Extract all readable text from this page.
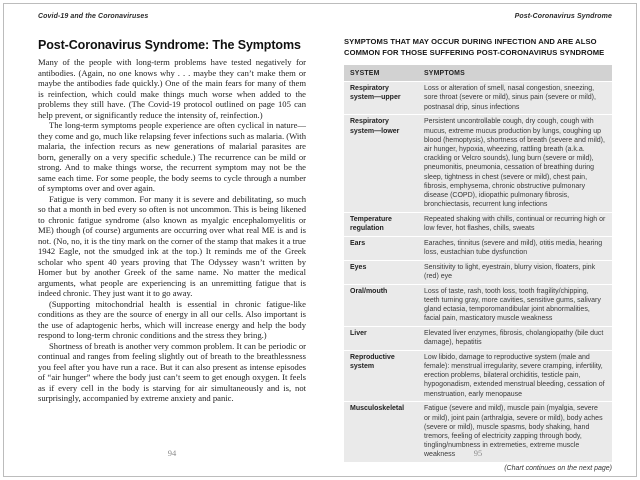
Covid-19 and the Coronaviruses
Post-Coronavirus Syndrome: The Symptoms

Many of the people with long-term problems have tested negatively for antibodies. (Again, no one knows why . . . maybe they can’t make them or maybe the antibodies fade quickly.) One of the main fears for many of them is reinfection, which could make things much worse when added to the problems they still have. (The Covid-19 protocol outlined on page 105 can help prevent, or significantly reduce the intensity of, reinfection.)

The long-term symptoms people experience are often cyclical in nature—they come and go, much like relapsing fever infections such as malaria. (With malaria, the infection recurs as new generations of malarial parasites are born, generally on a very specific schedule.) The recurrence can be mild or strong. And to make things worse, the recurrent symptom may not be the same each time. For some people, the body seems to cycle through a number of symptoms over and over again.

Fatigue is very common. For many it is severe and debilitating, so much so that a month in bed every so often is not uncommon. This is being likened to chronic fatigue syndrome (also known as myalgic encephalomyelitis or ME) though (of course) arguments are occurring over what real ME is and is not. (No, no, it is the tiny mark on the corner of the stamp that makes it a true 1942 Eagle, not the smudged ink at the top.) It reminds me of the Greek scholar who spent 40 years proving that The Odyssey wasn’t written by Homer but by another Greek of the same name. No matter the medical arguments, what people are experiencing is an unremitting fatigue that is indeed chronic. They just want it to go away.

(Supporting mitochondrial health is essential in chronic fatigue-like conditions as they are the source of energy in all our cells. Also important is the use of adaptogenic herbs, which will increase energy and help the body respond to long-term chronic conditions and the stress they bring.)

Shortness of breath is another very common problem. It can be periodic or continual and ranges from feeling slightly out of breath to the breathlessness you feel after you have run a race. But it can also present as intense episodes of “air hunger” where the body just can’t seem to get enough oxygen. It feels as if every cell in the body is starving for air simultaneously and is, not surprisingly, accompanied by extreme anxiety and panic.

94
Post-Coronavirus Syndrome
SYMPTOMS THAT MAY OCCUR DURING INFECTION AND ARE ALSO COMMON FOR THOSE SUFFERING POST-CORONAVIRUS SYNDROME
SYSTEM	SYMPTOMS
Respiratory system—upper	Loss or alteration of smell, nasal congestion, sneezing, sore throat (severe or mild), sinus pain (severe or mild), postnasal drip, sinus infections
Respiratory system—lower	Persistent uncontrollable cough, dry cough, cough with mucus, extreme mucus production by lungs, coughing up blood (hemoptysis), shortness of breath (severe and mild), air hunger, hypoxia, wheezing, rattling breath (a.k.a. crackling or Velcro sounds), lung burn (severe or mild), pneumonitis, pneumonia, cessation of breathing during sleep, tightness in chest (severe or mild), chest pain, fibrosis, emphysema, chronic obstructive pulmonary disease (COPD), idiopathic pulmonary fibrosis, bronchiectasis, recurrent lung infections
Temperature regulation	Repeated shaking with chills, continual or recurring high or low fever, hot flashes, chills, sweats
Ears	Earaches, tinnitus (severe and mild), otitis media, hearing loss, eustachian tube dysfunction
Eyes	Sensitivity to light, eyestrain, blurry vision, floaters, pink (red) eye
Oral/mouth	Loss of taste, rash, tooth loss, tooth fragility/chipping, teeth turning gray, more cavities, sensitive gums, salivary gland ectasia, temporomandibular joint abnormalities, facial pain, masticatory muscle weakness
Liver	Elevated liver enzymes, fibrosis, cholangiopathy (bile duct damage), hepatitis
Reproductive system	Low libido, damage to reproductive system (male and female): menstrual irregularity, severe cramping, infertility, erection problems, bilateral orchiditis, testicle pain, hypogonadism, extended menstrual bleeding, cessation of menstruation, early menopause
Musculoskeletal	Fatigue (severe and mild), muscle pain (myalgia, severe or mild), joint pain (arthralgia, severe or mild), body aches (severe or mild), muscle spasms, body shaking, hand tremors, feeling of electricity zapping through body, tingling/numbness in extremeties, extreme muscle weakness
(Chart continues on the next page)
95
